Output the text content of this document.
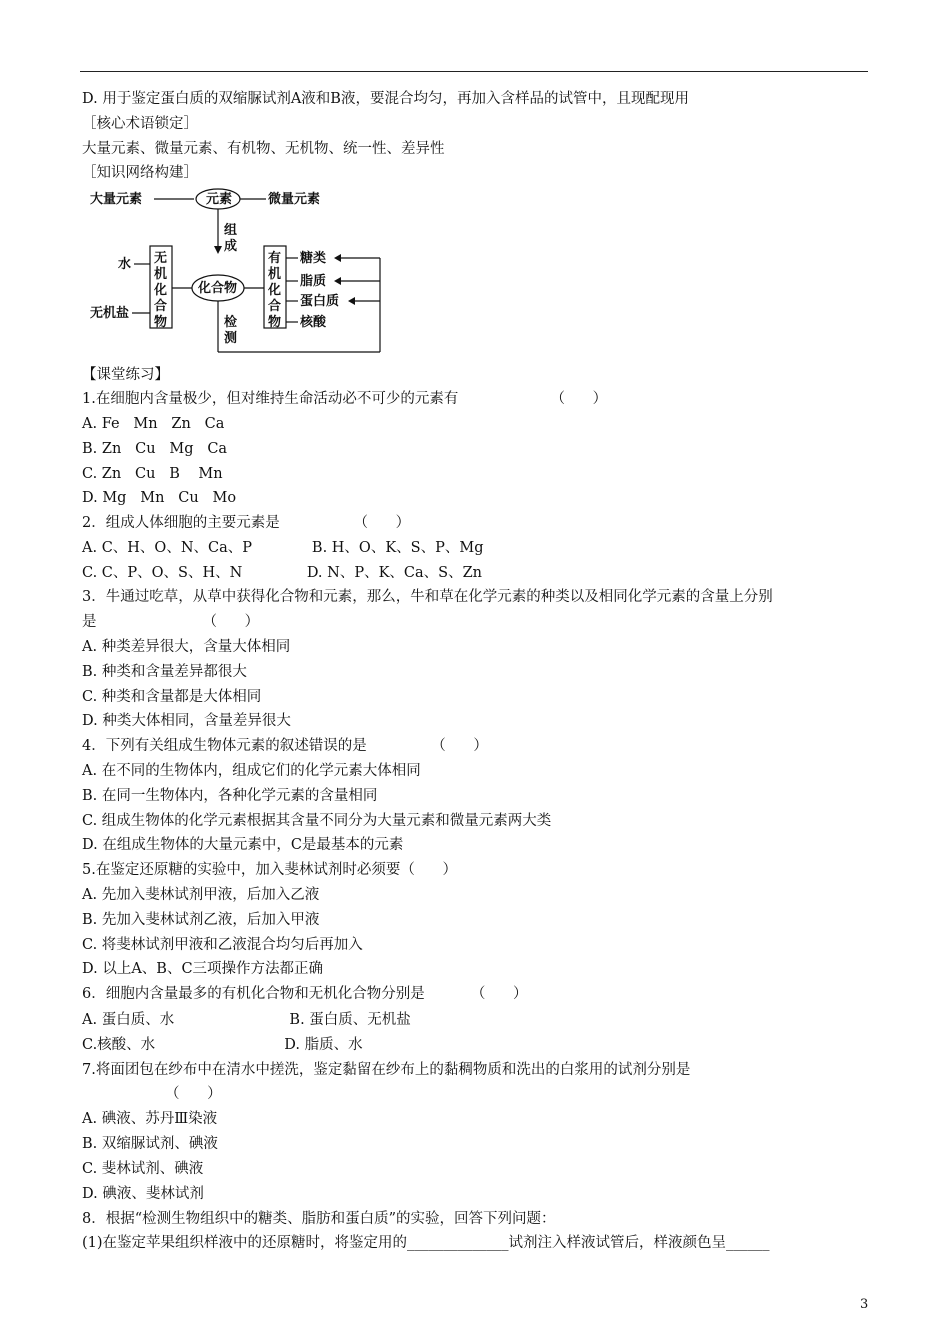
D. 用于鉴定蛋白质的双缩脲试剂A液和B液，要混合均匀，再加入含样品的试管中，且现配现用
［核心术语锁定］
大量元素、微量元素、有机物、无机物、统一性、差异性
［知识网络构建］
大量元素	元素	微量元素
组
成
水 无
机
化
合
物
无机盐
化合物
检
测
有
机
化
合
物
糖类
脂质
蛋白质
核酸
【课堂练习】
1.在细胞内含量极少，但对维持生命活动必不可少的元素有                    （      ）
A. Fe   Mn   Zn   Ca
B. Zn   Cu   Mg   Ca
C. Zn   Cu   B    Mn
D. Mg   Mn   Cu   Mo
2．组成人体细胞的主要元素是                （      ）
A. C、H、O、N、Ca、P             B. H、O、K、S、P、Mg
C. C、P、O、S、H、N              D. N、P、K、Ca、S、Zn
3．牛通过吃草，从草中获得化合物和元素，那么，牛和草在化学元素的种类以及相同化学元素的含量上分别
是                       （      ）
A. 种类差异很大，含量大体相同
B. 种类和含量差异都很大
C. 种类和含量都是大体相同
D. 种类大体相同，含量差异很大
4．下列有关组成生物体元素的叙述错误的是              （      ）
A. 在不同的生物体内，组成它们的化学元素大体相同
B. 在同一生物体内，各种化学元素的含量相同
C. 组成生物体的化学元素根据其含量不同分为大量元素和微量元素两大类
D. 在组成生物体的大量元素中，C是最基本的元素
5.在鉴定还原糖的实验中，加入斐林试剂时必须要（      ）
A. 先加入斐林试剂甲液，后加入乙液
B. 先加入斐林试剂乙液，后加入甲液
C. 将斐林试剂甲液和乙液混合均匀后再加入
D. 以上A、B、C三项操作方法都正确
6．细胞内含量最多的有机化合物和无机化合物分别是          （      ）
A. 蛋白质、水                         B. 蛋白质、无机盐
C.核酸、水                            D. 脂质、水
7.将面团包在纱布中在清水中搓洗，鉴定黏留在纱布上的黏稠物质和洗出的白浆用的试剂分别是
（      ）
A. 碘液、苏丹Ⅲ染液
B. 双缩脲试剂、碘液
C. 斐林试剂、碘液
D. 碘液、斐林试剂
8．根据“检测生物组织中的糖类、脂肪和蛋白质”的实验，回答下列问题：
(1)在鉴定苹果组织样液中的还原糖时，将鉴定用的______________试剂注入样液试管后，样液颜色呈______
3
